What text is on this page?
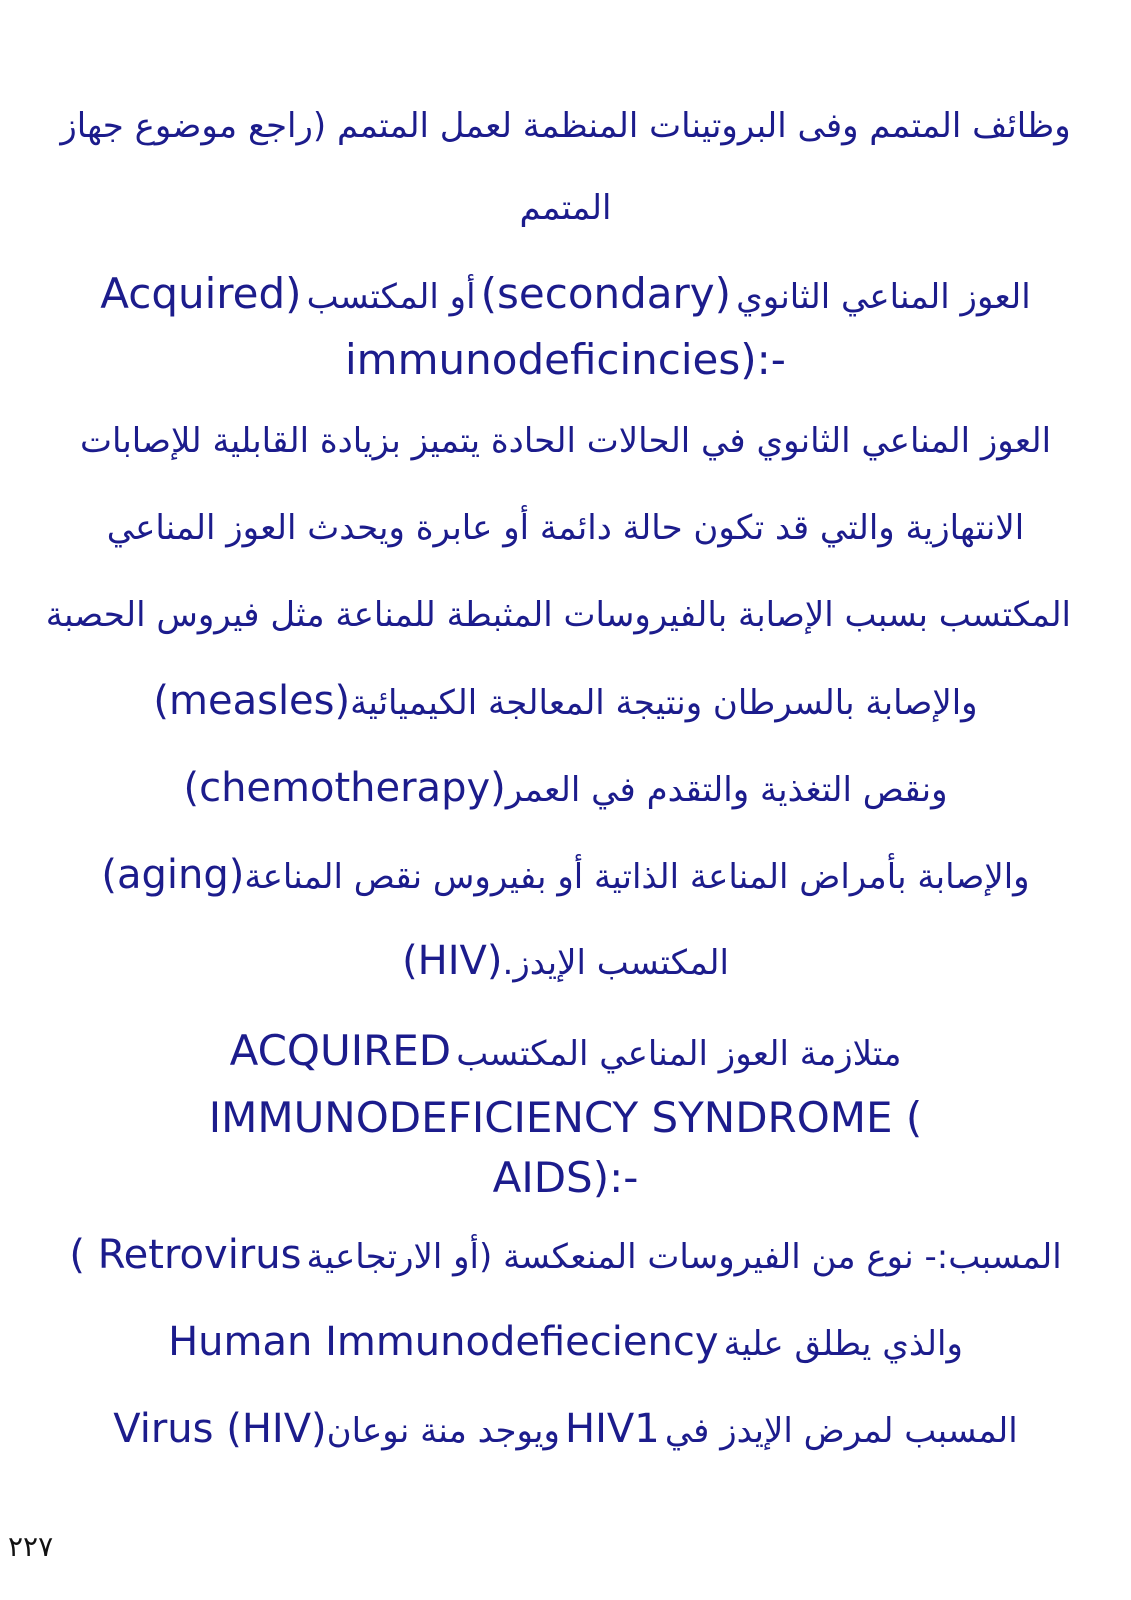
وظائف المتمم وفى البروتينات المنظمة لعمل المتمم (راجع موضوع جهاز
المتمم
العوز المناعي الثانوي (secondary) أو المكتسب (Acquired
immunodeficincies):-
العوز المناعي الثانوي في الحالات الحادة يتميز بزيادة القابلية للإصابات
الانتهازية والتي قد تكون حالة دائمة أو عابرة ويحدث العوز المناعي
المكتسب بسبب الإصابة بالفيروسات المثبطة للمناعة مثل فيروس الحصبة
(measles)والإصابة بالسرطان ونتيجة المعالجة الكيميائية
(chemotherapy)ونقص التغذية والتقدم في العمر
(aging)والإصابة بأمراض المناعة الذاتية أو بفيروس نقص المناعة
المكتسب الإيدز.(HIV)
متلازمة العوز المناعي المكتسب ACQUIRED
IMMUNODEFICIENCY SYNDROME (
AIDS):-
المسبب:- نوع من الفيروسات المنعكسة (أو الارتجاعية Retrovirus )
والذي يطلق علية Human Immunodefieciency
Virus (HIV)ويوجد منة نوعان HIV1 المسبب لمرض الإيدز في
٢٢٧
